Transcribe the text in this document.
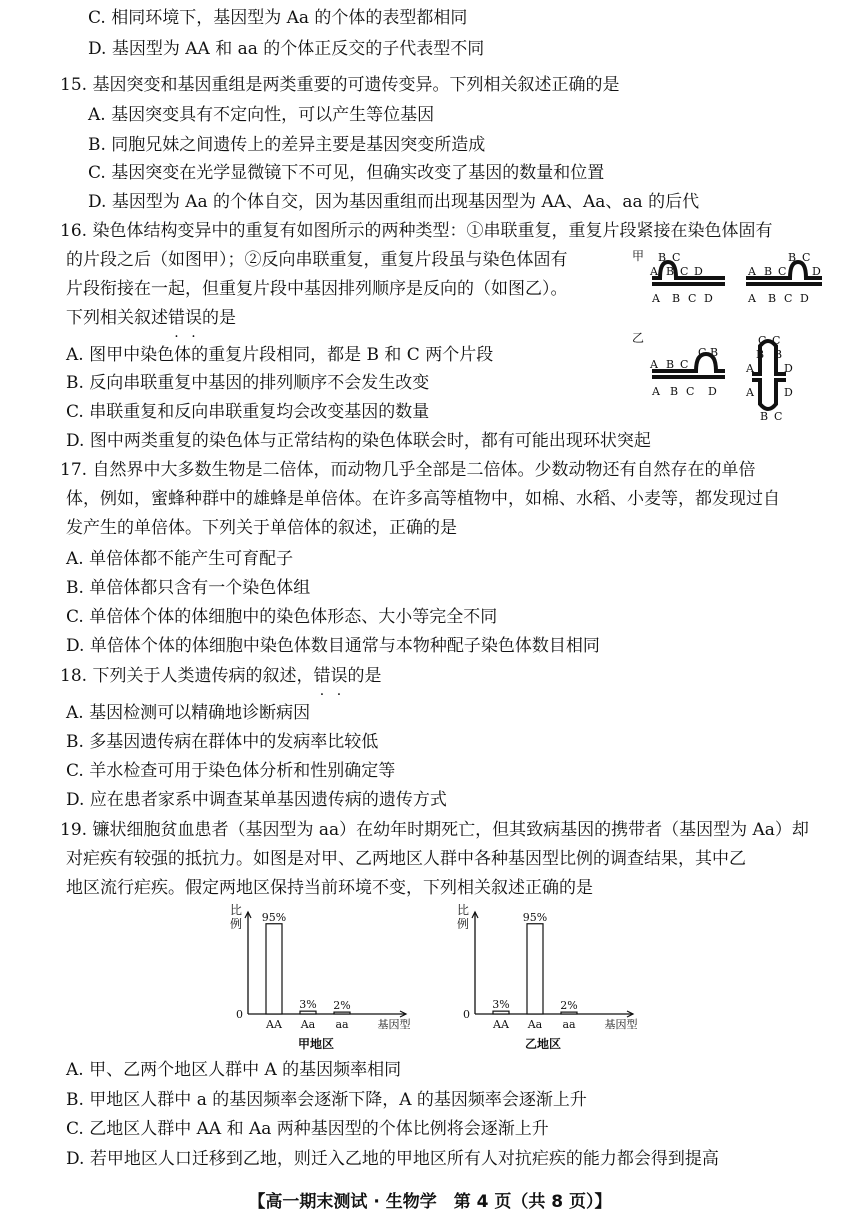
C. 相同环境下，基因型为 Aa 的个体的表型都相同
D. 基因型为 AA 和 aa 的个体正反交的子代表型不同
15. 基因突变和基因重组是两类重要的可遗传变异。下列相关叙述正确的是
A. 基因突变具有不定向性，可以产生等位基因
B. 同胞兄妹之间遗传上的差异主要是基因突变所造成
C. 基因突变在光学显微镜下不可见，但确实改变了基因的数量和位置
D. 基因型为 Aa 的个体自交，因为基因重组而出现基因型为 AA、Aa、aa 的后代
16. 染色体结构变异中的重复有如图所示的两种类型：①串联重复，重复片段紧接在染色体固有
的片段之后（如图甲）；②反向串联重复，重复片段虽与染色体固有
片段衔接在一起，但重复片段中基因排列顺序是反向的（如图乙）。
下列相关叙述错误的是
A. 图甲中染色体的重复片段相同，都是 B 和 C 两个片段
B. 反向串联重复中基因的排列顺序不会发生改变
C. 串联重复和反向串联重复均会改变基因的数量
D. 图中两类重复的染色体与正常结构的染色体联会时，都有可能出现环状突起
17. 自然界中大多数生物是二倍体，而动物几乎全部是二倍体。少数动物还有自然存在的单倍
体，例如，蜜蜂种群中的雄蜂是单倍体。在许多高等植物中，如棉、水稻、小麦等，都发现过自
发产生的单倍体。下列关于单倍体的叙述，正确的是
A. 单倍体都不能产生可育配子
B. 单倍体都只含有一个染色体组
C. 单倍体个体的体细胞中的染色体形态、大小等完全不同
D. 单倍体个体的体细胞中染色体数目通常与本物种配子染色体数目相同
18. 下列关于人类遗传病的叙述，错误的是
A. 基因检测可以精确地诊断病因
B. 多基因遗传病在群体中的发病率比较低
C. 羊水检查可用于染色体分析和性别确定等
D. 应在患者家系中调查某单基因遗传病的遗传方式
19. 镰状细胞贫血患者（基因型为 aa）在幼年时期死亡，但其致病基因的携带者（基因型为 Aa）却
对疟疾有较强的抵抗力。如图是对甲、乙两地区人群中各种基因型比例的调查结果，其中乙
地区流行疟疾。假定两地区保持当前环境不变，下列相关叙述正确的是
A. 甲、乙两个地区人群中 A 的基因频率相同
B. 甲地区人群中 a 的基因频率会逐渐下降，A 的基因频率会逐渐上升
C. 乙地区人群中 AA 和 Aa 两种基因型的个体比例将会逐渐上升
D. 若甲地区人口迁移到乙地，则迁入乙地的甲地区所有人对抗疟疾的能力都会得到提高
甲 B C
A B C D
A B C D
B C
A B C D
A B C D
乙
C B
A B C
A B C D
C C
B B
A	D
A	D
B C
比
例
0
95%
AA
3%
Aa
2%
aa	基因型
甲地区
比
例
0
3%
AA
95%
Aa
2%
aa	基因型
乙地区
【高一期末测试 · 生物学　第 4 页（共 8 页）】
